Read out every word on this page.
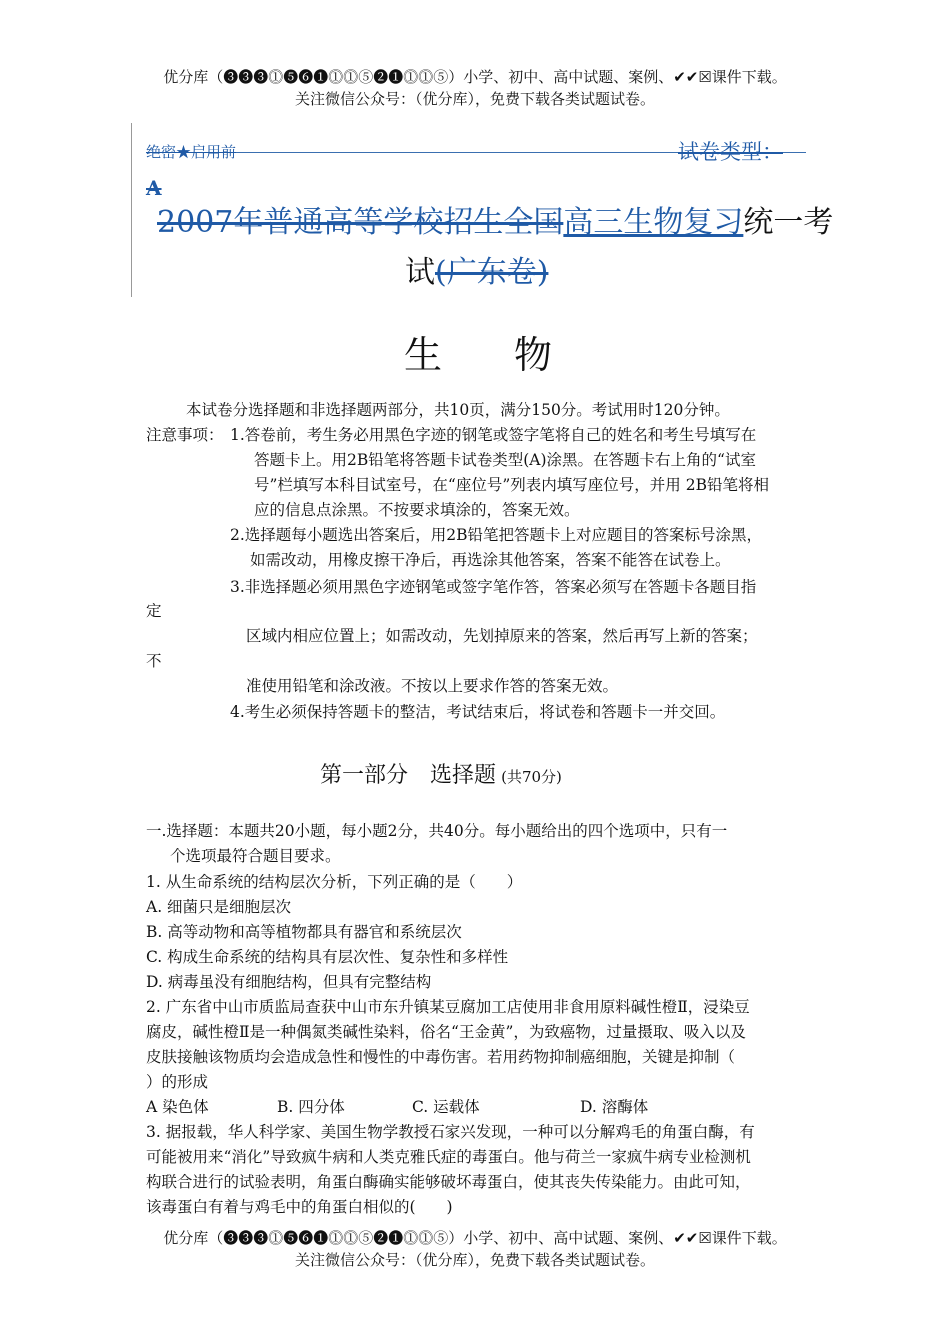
优分库（❸❸❸⓵❺❻❶⓵⓵⑤❷❶⓵⓵⑤）小学、初中、高中试题、案例、✔✔☒课件下载。
关注微信公众号：（优分库），免费下载各类试题试卷。
绝密★启用前	试卷类型：
A
2007年普通高等学校招生全国高三生物复习统一考
试(广东卷)
生 物
本试卷分选择题和非选择题两部分，共10页，满分150分。考试用时120分钟。
注意事项： 1.答卷前，考生务必用黑色字迹的钢笔或签字笔将自己的姓名和考生号填写在
答题卡上。用2B铅笔将答题卡试卷类型(A)涂黑。在答题卡右上角的“试室
号”栏填写本科目试室号，在“座位号”列表内填写座位号，并用 2B铅笔将相
应的信息点涂黑。不按要求填涂的，答案无效。
2.选择题每小题选出答案后，用2B铅笔把答题卡上对应题目的答案标号涂黑，
如需改动，用橡皮擦干净后，再选涂其他答案，答案不能答在试卷上。
3.非选择题必须用黑色字迹钢笔或签字笔作答，答案必须写在答题卡各题目指
定
区域内相应位置上；如需改动，先划掉原来的答案，然后再写上新的答案；
不
准使用铅笔和涂改液。不按以上要求作答的答案无效。
4.考生必须保持答题卡的整洁，考试结束后，将试卷和答题卡一并交回。
第一部分　选择题 (共70分)
一.选择题：本题共20小题，每小题2分，共40分。每小题给出的四个选项中，只有一
个选项最符合题目要求。
1. 从生命系统的结构层次分析，下列正确的是（　　）
A. 细菌只是细胞层次
B. 高等动物和高等植物都具有器官和系统层次
C. 构成生命系统的结构具有层次性、复杂性和多样性
D. 病毒虽没有细胞结构，但具有完整结构
2. 广东省中山市质监局查获中山市东升镇某豆腐加工店使用非食用原料碱性橙Ⅱ，浸染豆
腐皮，碱性橙Ⅱ是一种偶氮类碱性染料，俗名“王金黄”，为致癌物，过量摄取、吸入以及
皮肤接触该物质均会造成急性和慢性的中毒伤害。若用药物抑制癌细胞，关键是抑制（
）的形成
A 染色体	B. 四分体	C. 运载体	D. 溶酶体
3. 据报载，华人科学家、美国生物学教授石家兴发现，一种可以分解鸡毛的角蛋白酶，有
可能被用来“消化”导致疯牛病和人类克雅氏症的毒蛋白。他与荷兰一家疯牛病专业检测机
构联合进行的试验表明，角蛋白酶确实能够破坏毒蛋白，使其丧失传染能力。由此可知，
该毒蛋白有着与鸡毛中的角蛋白相似的(　　)
优分库（❸❸❸⓵❺❻❶⓵⓵⑤❷❶⓵⓵⑤）小学、初中、高中试题、案例、✔✔☒课件下载。
关注微信公众号：（优分库），免费下载各类试题试卷。
